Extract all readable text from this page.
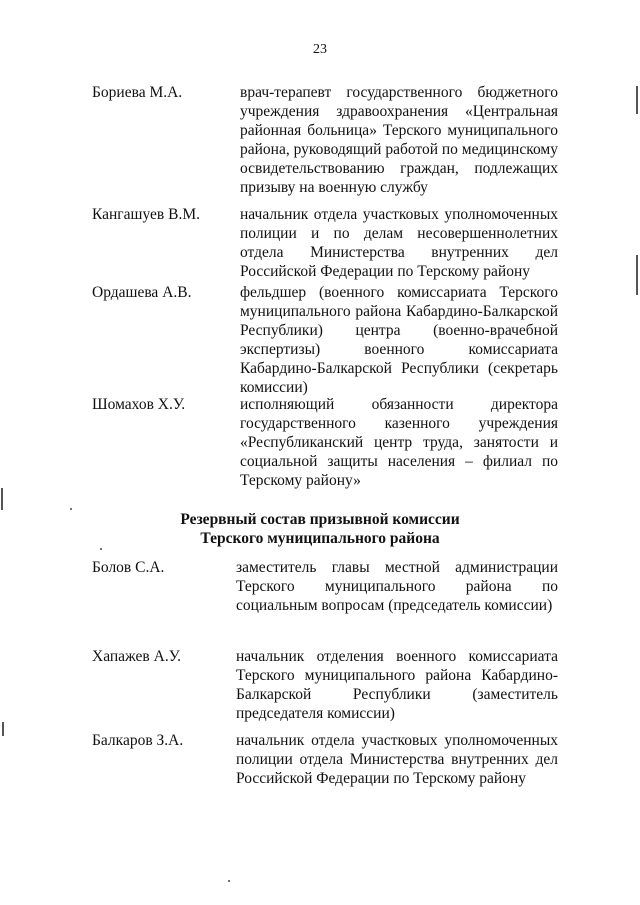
23
Бориева М.А.	врач-терапевт государственного бюджетного учреждения здравоохранения «Центральная районная больница» Терского муниципального района, руководящий работой по медицинскому освидетельствованию граждан, подлежащих призыву на военную службу
Кангашуев В.М.	начальник отдела участковых уполномоченных полиции и по делам несовершеннолетних отдела Министерства внутренних дел Российской Федерации по Терскому району
Ордашева А.В.	фельдшер (военного комиссариата Терского муниципального района Кабардино-Балкарской Республики) центра (военно-врачебной экспертизы) военного комиссариата Кабардино-Балкарской Республики (секретарь комиссии)
Шомахов Х.У.	исполняющий обязанности директора государственного казенного учреждения «Республиканский центр труда, занятости и социальной защиты населения – филиал по Терскому району»
Резервный состав призывной комиссии
Терского муниципального района
Болов С.А.	заместитель главы местной администрации Терского муниципального района по социальным вопросам (председатель комиссии)
Хапажев А.У.	начальник отделения военного комиссариата Терского муниципального района Кабардино-Балкарской Республики (заместитель председателя комиссии)
Балкаров З.А.	начальник отдела участковых уполномоченных полиции отдела Министерства внутренних дел Российской Федерации по Терскому району
